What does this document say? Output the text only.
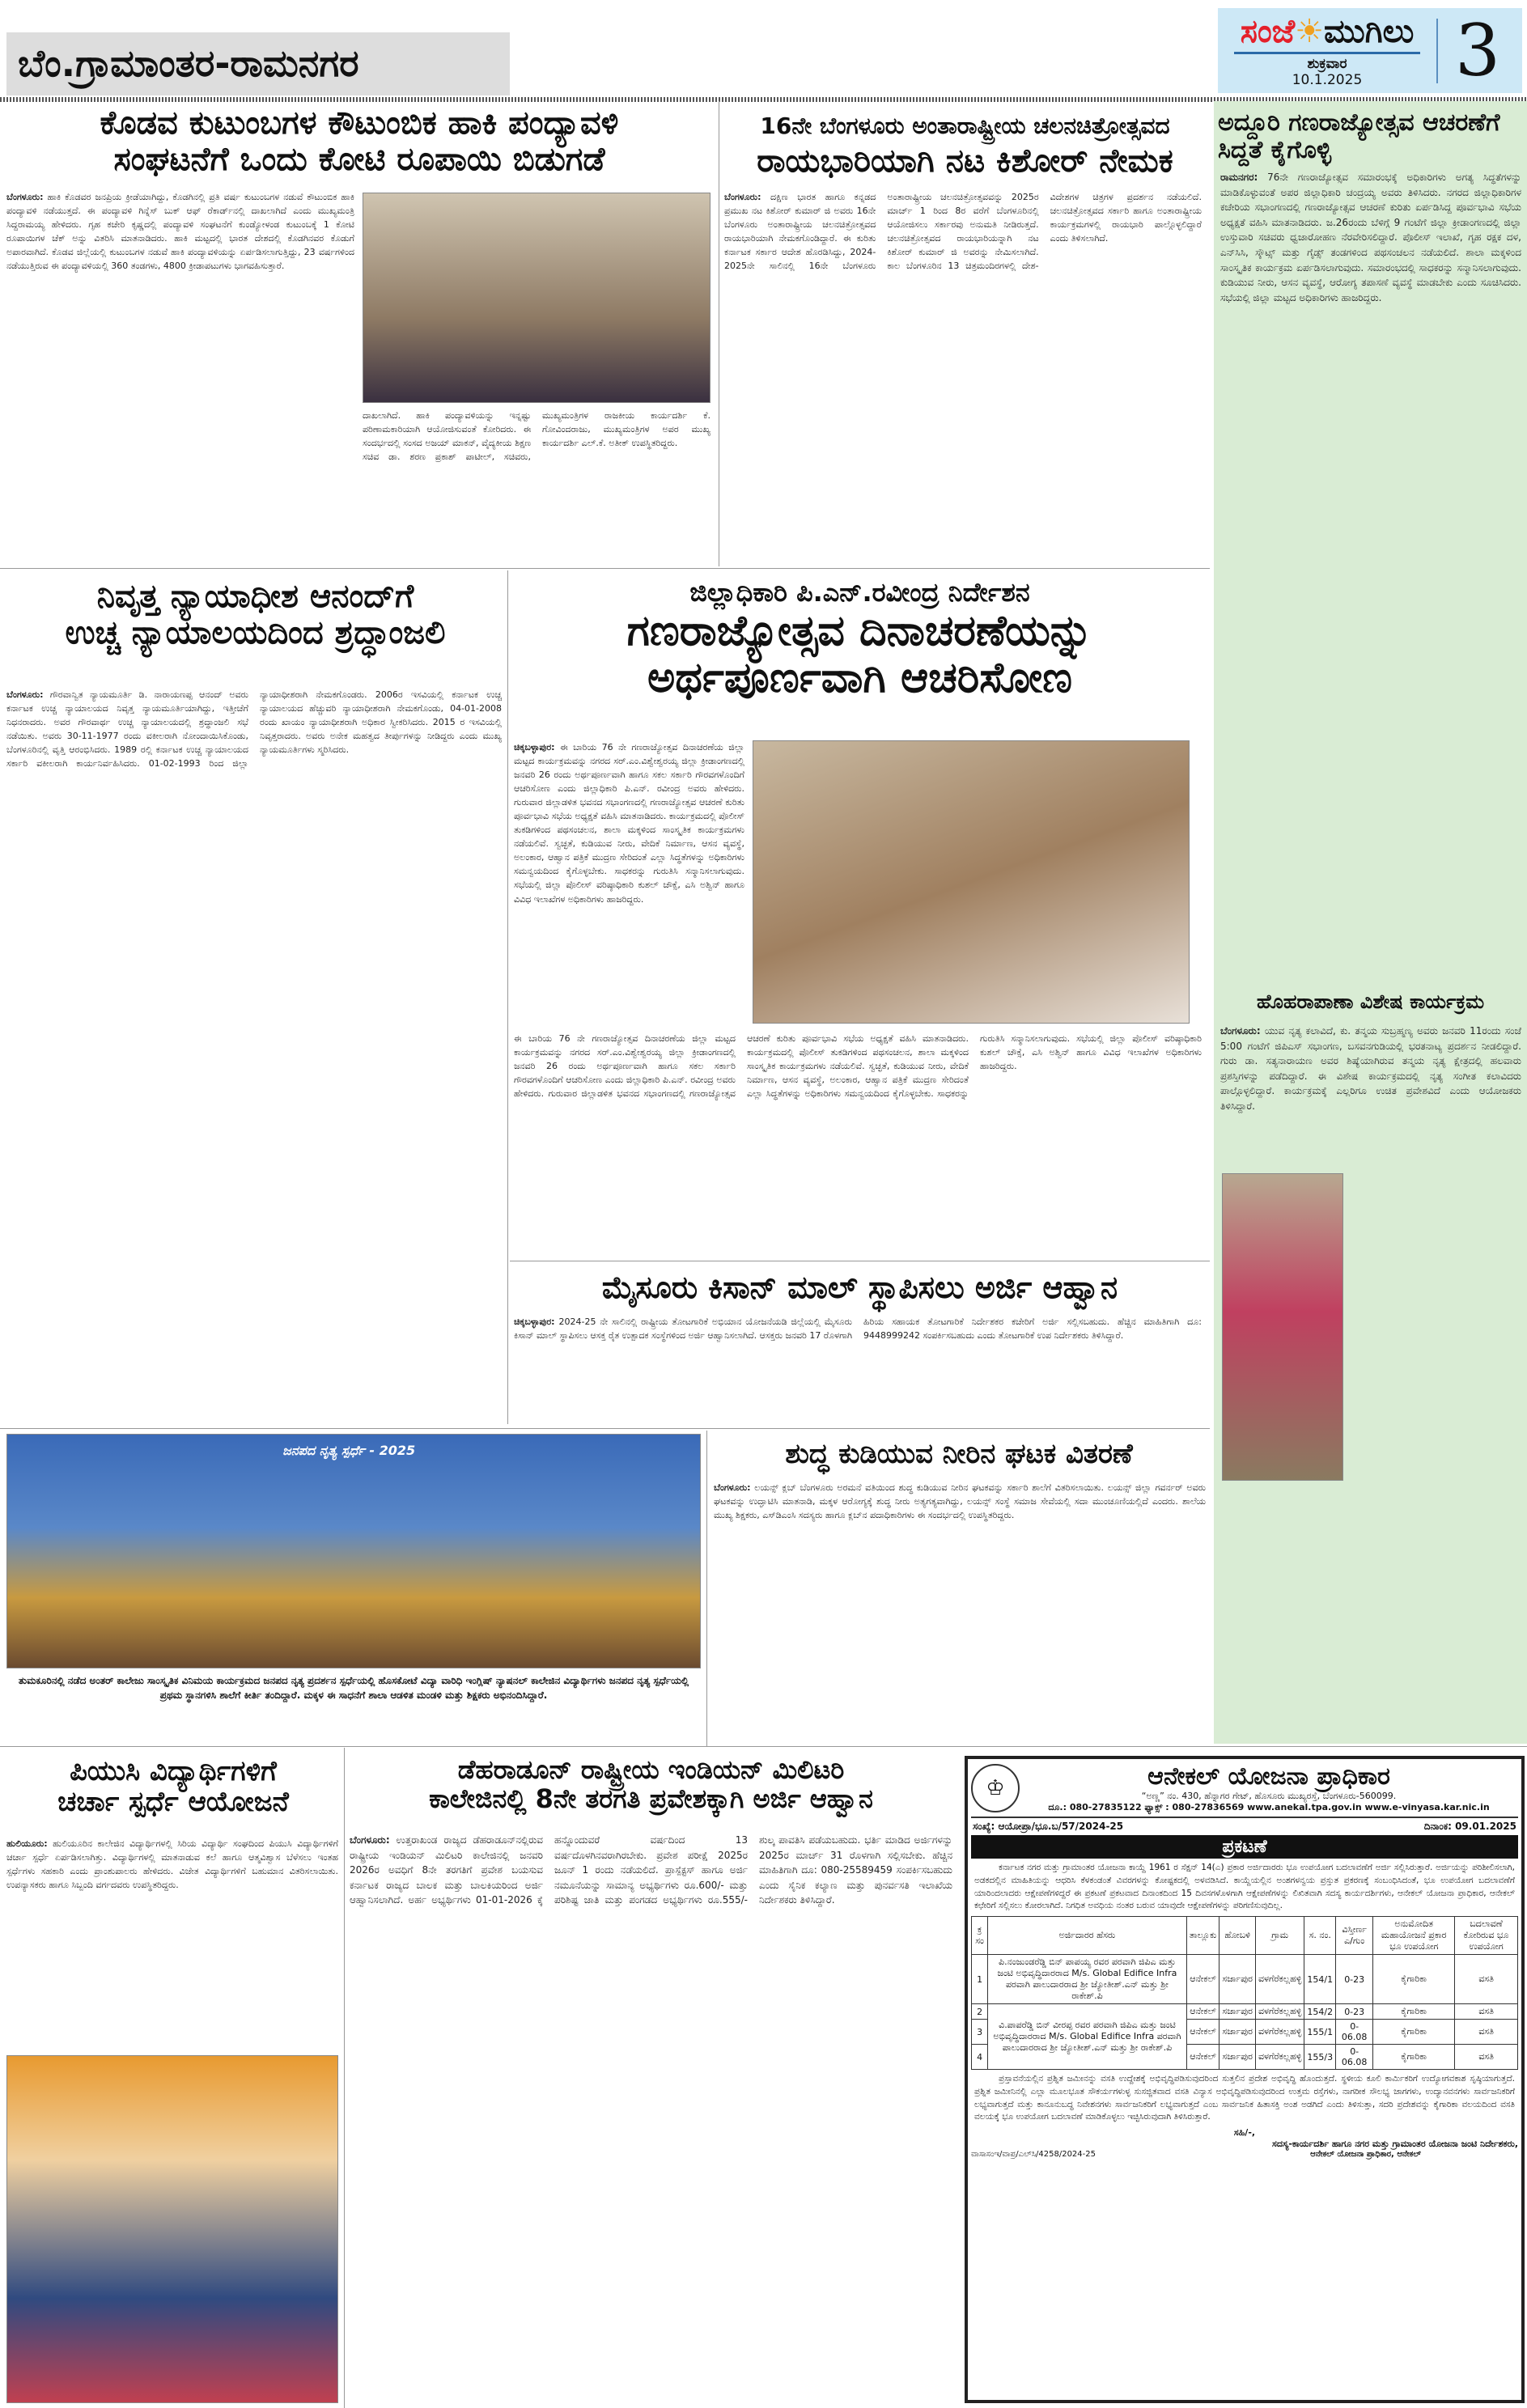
ಬೆಂ.ಗ್ರಾಮಾಂತರ-ರಾಮನಗರ
ಸಂಜೆ☀ಮುಗಿಲು
ಶುಕ್ರವಾರ
10.1.2025	3
ಕೊಡವ ಕುಟುಂಬಗಳ ಕೌಟುಂಬಿಕ ಹಾಕಿ ಪಂದ್ಯಾವಳಿ
ಸಂಘಟನೆಗೆ ಒಂದು ಕೋಟಿ ರೂಪಾಯಿ ಬಿಡುಗಡೆ
ಬೆಂಗಳೂರು: ಹಾಕಿ ಕೊಡವರ ಜನಪ್ರಿಯ ಕ್ರೀಡೆಯಾಗಿದ್ದು, ಕೊಡಗಿನಲ್ಲಿ ಪ್ರತಿ ವರ್ಷ ಕುಟುಂಬಗಳ ನಡುವೆ ಕೌಟುಂಬಿಕ ಹಾಕಿ ಪಂದ್ಯಾವಳಿ ನಡೆಯುತ್ತದೆ. ಈ ಪಂದ್ಯಾವಳಿ ಗಿನ್ನೆಸ್ ಬುಕ್ ಆಫ್ ರೆಕಾರ್ಡ್‌ನಲ್ಲಿ ದಾಖಲಾಗಿದೆ ಎಂದು ಮುಖ್ಯಮಂತ್ರಿ ಸಿದ್ದರಾಮಯ್ಯ ಹೇಳಿದರು. ಗೃಹ ಕಚೇರಿ ಕೃಷ್ಣದಲ್ಲಿ ಪಂದ್ಯಾವಳಿ ಸಂಘಟನೆಗೆ ಕುಂಡ್ಯೋಳಂಡ ಕುಟುಂಬಕ್ಕೆ 1 ಕೋಟಿ ರೂಪಾಯಿಗಳ ಚೆಕ್ ಅನ್ನು ವಿತರಿಸಿ ಮಾತನಾಡಿದರು. ಹಾಕಿ ಮಟ್ಟದಲ್ಲಿ ಭಾರತ ದೇಶದಲ್ಲಿ ಕೊಡಗಿನವರ ಕೊಡುಗೆ ಅಪಾರವಾಗಿದೆ. ಕೊಡವ ಜಿಲ್ಲೆಯಲ್ಲಿ ಕುಟುಂಬಗಳ ನಡುವೆ ಹಾಕಿ ಪಂದ್ಯಾವಳಿಯನ್ನು ಏರ್ಪಡಿಸಲಾಗುತ್ತಿದ್ದು, 23 ವರ್ಷಗಳಿಂದ ನಡೆಯುತ್ತಿರುವ ಈ ಪಂದ್ಯಾವಳಿಯಲ್ಲಿ 360 ತಂಡಗಳು, 4800 ಕ್ರೀಡಾಪಟುಗಳು ಭಾಗವಹಿಸುತ್ತಾರೆ.
ದಾಖಲಾಗಿದೆ. ಹಾಕಿ ಪಂದ್ಯಾವಳಿಯನ್ನು ಇನ್ನಷ್ಟು ಪರಿಣಾಮಕಾರಿಯಾಗಿ ಆಯೋಜಿಸುವಂತೆ ಕೋರಿದರು. ಈ ಸಂದರ್ಭದಲ್ಲಿ ಸಂಸದ ಅಜಯ್ ಮಾಕನ್, ವೈದ್ಯಕೀಯ ಶಿಕ್ಷಣ ಸಚಿವ ಡಾ. ಶರಣ ಪ್ರಕಾಶ್ ಪಾಟೀಲ್, ಸಚಿವರು, ಮುಖ್ಯಮಂತ್ರಿಗಳ ರಾಜಕೀಯ ಕಾರ್ಯದರ್ಶಿ ಕೆ. ಗೋವಿಂದರಾಜು, ಮುಖ್ಯಮಂತ್ರಿಗಳ ಅಪರ ಮುಖ್ಯ ಕಾರ್ಯದರ್ಶಿ ಎಲ್.ಕೆ. ಅತೀಕ್ ಉಪಸ್ಥಿತರಿದ್ದರು.
16ನೇ ಬೆಂಗಳೂರು ಅಂತಾರಾಷ್ಟ್ರೀಯ ಚಲನಚಿತ್ರೋತ್ಸವದ
ರಾಯಭಾರಿಯಾಗಿ ನಟ ಕಿಶೋರ್ ನೇಮಕ
ಬೆಂಗಳೂರು: ದಕ್ಷಿಣ ಭಾರತ ಹಾಗೂ ಕನ್ನಡದ ಪ್ರಮುಖ ನಟ ಕಿಶೋರ್ ಕುಮಾರ್ ಜಿ ಅವರು 16ನೇ ಬೆಂಗಳೂರು ಅಂತಾರಾಷ್ಟ್ರೀಯ ಚಲನಚಿತ್ರೋತ್ಸವದ ರಾಯಭಾರಿಯಾಗಿ ನೇಮಕಗೊಂಡಿದ್ದಾರೆ. ಈ ಕುರಿತು ಕರ್ನಾಟಕ ಸರ್ಕಾರ ಆದೇಶ ಹೊರಡಿಸಿದ್ದು, 2024-2025ನೇ ಸಾಲಿನಲ್ಲಿ 16ನೇ ಬೆಂಗಳೂರು ಅಂತಾರಾಷ್ಟ್ರೀಯ ಚಲನಚಿತ್ರೋತ್ಸವವನ್ನು 2025ರ ಮಾರ್ಚ್ 1 ರಿಂದ 8ರ ವರೆಗೆ ಬೆಂಗಳೂರಿನಲ್ಲಿ ಆಯೋಜಿಸಲು ಸರ್ಕಾರವು ಅನುಮತಿ ನೀಡಿರುತ್ತದೆ. ಚಲನಚಿತ್ರೋತ್ಸವದ ರಾಯಭಾರಿಯನ್ನಾಗಿ ನಟ ಕಿಶೋರ್ ಕುಮಾರ್ ಜಿ ಅವರನ್ನು ನೇಮಿಸಲಾಗಿದೆ. ಕಾಲ ಬೆಂಗಳೂರಿನ 13 ಚಿತ್ರಮಂದಿರಗಳಲ್ಲಿ ದೇಶ-ವಿದೇಶಗಳ ಚಿತ್ರಗಳ ಪ್ರದರ್ಶನ ನಡೆಯಲಿದೆ. ಚಲನಚಿತ್ರೋತ್ಸವದ ಸರ್ಕಾರಿ ಹಾಗೂ ಅಂತಾರಾಷ್ಟ್ರೀಯ ಕಾರ್ಯಕ್ರಮಗಳಲ್ಲಿ ರಾಯಭಾರಿ ಪಾಲ್ಗೊಳ್ಳಲಿದ್ದಾರೆ ಎಂದು ತಿಳಿಸಲಾಗಿದೆ.
ಅದ್ದೂರಿ ಗಣರಾಜ್ಯೋತ್ಸವ ಆಚರಣೆಗೆ ಸಿದ್ದತೆ ಕೈಗೊಳ್ಳಿ
ರಾಮನಗರ: 76ನೇ ಗಣರಾಜ್ಯೋತ್ಸವ ಸಮಾರಂಭಕ್ಕೆ ಅಧಿಕಾರಿಗಳು ಅಗತ್ಯ ಸಿದ್ಧತೆಗಳನ್ನು ಮಾಡಿಕೊಳ್ಳುವಂತೆ ಅಪರ ಜಿಲ್ಲಾಧಿಕಾರಿ ಚಂದ್ರಯ್ಯ ಅವರು ತಿಳಿಸಿದರು. ನಗರದ ಜಿಲ್ಲಾಧಿಕಾರಿಗಳ ಕಚೇರಿಯ ಸಭಾಂಗಣದಲ್ಲಿ ಗಣರಾಜ್ಯೋತ್ಸವ ಆಚರಣೆ ಕುರಿತು ಏರ್ಪಡಿಸಿದ್ದ ಪೂರ್ವಭಾವಿ ಸಭೆಯ ಅಧ್ಯಕ್ಷತೆ ವಹಿಸಿ ಮಾತನಾಡಿದರು. ಜ.26ರಂದು ಬೆಳಿಗ್ಗೆ 9 ಗಂಟೆಗೆ ಜಿಲ್ಲಾ ಕ್ರೀಡಾಂಗಣದಲ್ಲಿ ಜಿಲ್ಲಾ ಉಸ್ತುವಾರಿ ಸಚಿವರು ಧ್ವಜಾರೋಹಣ ನೆರವೇರಿಸಲಿದ್ದಾರೆ. ಪೊಲೀಸ್ ಇಲಾಖೆ, ಗೃಹ ರಕ್ಷಕ ದಳ, ಎನ್‌ಸಿಸಿ, ಸ್ಕೌಟ್ಸ್ ಮತ್ತು ಗೈಡ್ಸ್ ತಂಡಗಳಿಂದ ಪಥಸಂಚಲನ ನಡೆಯಲಿದೆ. ಶಾಲಾ ಮಕ್ಕಳಿಂದ ಸಾಂಸ್ಕೃತಿಕ ಕಾರ್ಯಕ್ರಮ ಏರ್ಪಡಿಸಲಾಗುವುದು. ಸಮಾರಂಭದಲ್ಲಿ ಸಾಧಕರನ್ನು ಸನ್ಮಾನಿಸಲಾಗುವುದು. ಕುಡಿಯುವ ನೀರು, ಆಸನ ವ್ಯವಸ್ಥೆ, ಆರೋಗ್ಯ ತಪಾಸಣೆ ವ್ಯವಸ್ಥೆ ಮಾಡಬೇಕು ಎಂದು ಸೂಚಿಸಿದರು. ಸಭೆಯಲ್ಲಿ ಜಿಲ್ಲಾ ಮಟ್ಟದ ಅಧಿಕಾರಿಗಳು ಹಾಜರಿದ್ದರು.
ಹೊಹರಾಪಾಣಾ ವಿಶೇಷ ಕಾರ್ಯಕ್ರಮ
ಬೆಂಗಳೂರು: ಯುವ ನೃತ್ಯ ಕಲಾವಿದೆ, ಕು. ತನ್ಮಯ ಸುಬ್ರಹ್ಮಣ್ಯ ಅವರು ಜನವರಿ 11ರಂದು ಸಂಜೆ 5:00 ಗಂಟೆಗೆ ಜಿಪಿಎಸ್ ಸಭಾಂಗಣ, ಬಸವನಗುಡಿಯಲ್ಲಿ ಭರತನಾಟ್ಯ ಪ್ರದರ್ಶನ ನೀಡಲಿದ್ದಾರೆ. ಗುರು ಡಾ. ಸತ್ಯನಾರಾಯಣ ಅವರ ಶಿಷ್ಯೆಯಾಗಿರುವ ತನ್ಮಯ ನೃತ್ಯ ಕ್ಷೇತ್ರದಲ್ಲಿ ಹಲವಾರು ಪ್ರಶಸ್ತಿಗಳನ್ನು ಪಡೆದಿದ್ದಾರೆ. ಈ ವಿಶೇಷ ಕಾರ್ಯಕ್ರಮದಲ್ಲಿ ನೃತ್ಯ ಸಂಗೀತ ಕಲಾವಿದರು ಪಾಲ್ಗೊಳ್ಳಲಿದ್ದಾರೆ. ಕಾರ್ಯಕ್ರಮಕ್ಕೆ ಎಲ್ಲರಿಗೂ ಉಚಿತ ಪ್ರವೇಶವಿದೆ ಎಂದು ಆಯೋಜಕರು ತಿಳಿಸಿದ್ದಾರೆ.
ನಿವೃತ್ತ ನ್ಯಾಯಾಧೀಶ ಆನಂದ್‌ಗೆ
ಉಚ್ಚ ನ್ಯಾಯಾಲಯದಿಂದ ಶ್ರದ್ಧಾಂಜಲಿ
ಬೆಂಗಳೂರು: ಗೌರವಾನ್ವಿತ ನ್ಯಾಯಮೂರ್ತಿ ಡಿ. ನಾರಾಯಣಪ್ಪ ಆನಂದ್ ಅವರು ಕರ್ನಾಟಕ ಉಚ್ಚ ನ್ಯಾಯಾಲಯದ ನಿವೃತ್ತ ನ್ಯಾಯಮೂರ್ತಿಯಾಗಿದ್ದು, ಇತ್ತೀಚೆಗೆ ನಿಧನರಾದರು. ಅವರ ಗೌರವಾರ್ಥ ಉಚ್ಚ ನ್ಯಾಯಾಲಯದಲ್ಲಿ ಶ್ರದ್ಧಾಂಜಲಿ ಸಭೆ ನಡೆಯಿತು. ಅವರು 30-11-1977 ರಂದು ವಕೀಲರಾಗಿ ನೋಂದಾಯಿಸಿಕೊಂಡು, ಬೆಂಗಳೂರಿನಲ್ಲಿ ವೃತ್ತಿ ಆರಂಭಿಸಿದರು. 1989 ರಲ್ಲಿ ಕರ್ನಾಟಕ ಉಚ್ಚ ನ್ಯಾಯಾಲಯದ ಸರ್ಕಾರಿ ವಕೀಲರಾಗಿ ಕಾರ್ಯನಿರ್ವಹಿಸಿದರು. 01-02-1993 ರಿಂದ ಜಿಲ್ಲಾ ನ್ಯಾಯಾಧೀಶರಾಗಿ ನೇಮಕಗೊಂಡರು. 2006ರ ಇಸವಿಯಲ್ಲಿ ಕರ್ನಾಟಕ ಉಚ್ಚ ನ್ಯಾಯಾಲಯದ ಹೆಚ್ಚುವರಿ ನ್ಯಾಯಾಧೀಶರಾಗಿ ನೇಮಕಗೊಂಡು, 04-01-2008 ರಂದು ಖಾಯಂ ನ್ಯಾಯಾಧೀಶರಾಗಿ ಅಧಿಕಾರ ಸ್ವೀಕರಿಸಿದರು. 2015 ರ ಇಸವಿಯಲ್ಲಿ ನಿವೃತ್ತರಾದರು. ಅವರು ಅನೇಕ ಮಹತ್ವದ ತೀರ್ಪುಗಳನ್ನು ನೀಡಿದ್ದರು ಎಂದು ಮುಖ್ಯ ನ್ಯಾಯಮೂರ್ತಿಗಳು ಸ್ಮರಿಸಿದರು.
ಜಿಲ್ಲಾಧಿಕಾರಿ ಪಿ.ಎನ್.ರವೀಂದ್ರ ನಿರ್ದೇಶನ
ಗಣರಾಜ್ಯೋತ್ಸವ ದಿನಾಚರಣೆಯನ್ನು
ಅರ್ಥಪೂರ್ಣವಾಗಿ ಆಚರಿಸೋಣ
ಚಿಕ್ಕಬಳ್ಳಾಪುರ: ಈ ಬಾರಿಯ 76 ನೇ ಗಣರಾಜ್ಯೋತ್ಸವ ದಿನಾಚರಣೆಯ ಜಿಲ್ಲಾ ಮಟ್ಟದ ಕಾರ್ಯಕ್ರಮವನ್ನು ನಗರದ ಸರ್.ಎಂ.ವಿಶ್ವೇಶ್ವರಯ್ಯ ಜಿಲ್ಲಾ ಕ್ರೀಡಾಂಗಣದಲ್ಲಿ ಜನವರಿ 26 ರಂದು ಅರ್ಥಪೂರ್ಣವಾಗಿ ಹಾಗೂ ಸಕಲ ಸರ್ಕಾರಿ ಗೌರವಗಳೊಂದಿಗೆ ಆಚರಿಸೋಣ ಎಂದು ಜಿಲ್ಲಾಧಿಕಾರಿ ಪಿ.ಎನ್. ರವೀಂದ್ರ ಅವರು ಹೇಳಿದರು. ಗುರುವಾರ ಜಿಲ್ಲಾಡಳಿತ ಭವನದ ಸಭಾಂಗಣದಲ್ಲಿ ಗಣರಾಜ್ಯೋತ್ಸವ ಆಚರಣೆ ಕುರಿತು ಪೂರ್ವಭಾವಿ ಸಭೆಯ ಅಧ್ಯಕ್ಷತೆ ವಹಿಸಿ ಮಾತನಾಡಿದರು. ಕಾರ್ಯಕ್ರಮದಲ್ಲಿ ಪೊಲೀಸ್ ತುಕಡಿಗಳಿಂದ ಪಥಸಂಚಲನ, ಶಾಲಾ ಮಕ್ಕಳಿಂದ ಸಾಂಸ್ಕೃತಿಕ ಕಾರ್ಯಕ್ರಮಗಳು ನಡೆಯಲಿವೆ. ಸ್ವಚ್ಛತೆ, ಕುಡಿಯುವ ನೀರು, ವೇದಿಕೆ ನಿರ್ಮಾಣ, ಆಸನ ವ್ಯವಸ್ಥೆ, ಅಲಂಕಾರ, ಆಹ್ವಾನ ಪತ್ರಿಕೆ ಮುದ್ರಣ ಸೇರಿದಂತೆ ಎಲ್ಲಾ ಸಿದ್ಧತೆಗಳನ್ನು ಅಧಿಕಾರಿಗಳು ಸಮನ್ವಯದಿಂದ ಕೈಗೊಳ್ಳಬೇಕು. ಸಾಧಕರನ್ನು ಗುರುತಿಸಿ ಸನ್ಮಾನಿಸಲಾಗುವುದು. ಸಭೆಯಲ್ಲಿ ಜಿಲ್ಲಾ ಪೊಲೀಸ್ ವರಿಷ್ಠಾಧಿಕಾರಿ ಕುಶಲ್ ಚೌಕ್ಸೆ, ಎಸಿ ಅಶ್ವಿನ್ ಹಾಗೂ ವಿವಿಧ ಇಲಾಖೆಗಳ ಅಧಿಕಾರಿಗಳು ಹಾಜರಿದ್ದರು.
ಈ ಬಾರಿಯ 76 ನೇ ಗಣರಾಜ್ಯೋತ್ಸವ ದಿನಾಚರಣೆಯ ಜಿಲ್ಲಾ ಮಟ್ಟದ ಕಾರ್ಯಕ್ರಮವನ್ನು ನಗರದ ಸರ್.ಎಂ.ವಿಶ್ವೇಶ್ವರಯ್ಯ ಜಿಲ್ಲಾ ಕ್ರೀಡಾಂಗಣದಲ್ಲಿ ಜನವರಿ 26 ರಂದು ಅರ್ಥಪೂರ್ಣವಾಗಿ ಹಾಗೂ ಸಕಲ ಸರ್ಕಾರಿ ಗೌರವಗಳೊಂದಿಗೆ ಆಚರಿಸೋಣ ಎಂದು ಜಿಲ್ಲಾಧಿಕಾರಿ ಪಿ.ಎನ್. ರವೀಂದ್ರ ಅವರು ಹೇಳಿದರು. ಗುರುವಾರ ಜಿಲ್ಲಾಡಳಿತ ಭವನದ ಸಭಾಂಗಣದಲ್ಲಿ ಗಣರಾಜ್ಯೋತ್ಸವ ಆಚರಣೆ ಕುರಿತು ಪೂರ್ವಭಾವಿ ಸಭೆಯ ಅಧ್ಯಕ್ಷತೆ ವಹಿಸಿ ಮಾತನಾಡಿದರು. ಕಾರ್ಯಕ್ರಮದಲ್ಲಿ ಪೊಲೀಸ್ ತುಕಡಿಗಳಿಂದ ಪಥಸಂಚಲನ, ಶಾಲಾ ಮಕ್ಕಳಿಂದ ಸಾಂಸ್ಕೃತಿಕ ಕಾರ್ಯಕ್ರಮಗಳು ನಡೆಯಲಿವೆ. ಸ್ವಚ್ಛತೆ, ಕುಡಿಯುವ ನೀರು, ವೇದಿಕೆ ನಿರ್ಮಾಣ, ಆಸನ ವ್ಯವಸ್ಥೆ, ಅಲಂಕಾರ, ಆಹ್ವಾನ ಪತ್ರಿಕೆ ಮುದ್ರಣ ಸೇರಿದಂತೆ ಎಲ್ಲಾ ಸಿದ್ಧತೆಗಳನ್ನು ಅಧಿಕಾರಿಗಳು ಸಮನ್ವಯದಿಂದ ಕೈಗೊಳ್ಳಬೇಕು. ಸಾಧಕರನ್ನು ಗುರುತಿಸಿ ಸನ್ಮಾನಿಸಲಾಗುವುದು. ಸಭೆಯಲ್ಲಿ ಜಿಲ್ಲಾ ಪೊಲೀಸ್ ವರಿಷ್ಠಾಧಿಕಾರಿ ಕುಶಲ್ ಚೌಕ್ಸೆ, ಎಸಿ ಅಶ್ವಿನ್ ಹಾಗೂ ವಿವಿಧ ಇಲಾಖೆಗಳ ಅಧಿಕಾರಿಗಳು ಹಾಜರಿದ್ದರು.
ಮೈಸೂರು ಕಿಸಾನ್ ಮಾಲ್ ಸ್ಥಾಪಿಸಲು ಅರ್ಜಿ ಆಹ್ವಾನ
ಚಿಕ್ಕಬಳ್ಳಾಪುರ: 2024-25 ನೇ ಸಾಲಿನಲ್ಲಿ ರಾಷ್ಟ್ರೀಯ ತೋಟಗಾರಿಕೆ ಅಭಿಯಾನ ಯೋಜನೆಯಡಿ ಜಿಲ್ಲೆಯಲ್ಲಿ ಮೈಸೂರು ಕಿಸಾನ್ ಮಾಲ್ ಸ್ಥಾಪಿಸಲು ಆಸಕ್ತ ರೈತ ಉತ್ಪಾದಕ ಸಂಸ್ಥೆಗಳಿಂದ ಅರ್ಜಿ ಆಹ್ವಾನಿಸಲಾಗಿದೆ. ಆಸಕ್ತರು ಜನವರಿ 17 ರೊಳಗಾಗಿ ಹಿರಿಯ ಸಹಾಯಕ ತೋಟಗಾರಿಕೆ ನಿರ್ದೇಶಕರ ಕಚೇರಿಗೆ ಅರ್ಜಿ ಸಲ್ಲಿಸಬಹುದು. ಹೆಚ್ಚಿನ ಮಾಹಿತಿಗಾಗಿ ದೂ: 9448999242 ಸಂಪರ್ಕಿಸಬಹುದು ಎಂದು ತೋಟಗಾರಿಕೆ ಉಪ ನಿರ್ದೇಶಕರು ತಿಳಿಸಿದ್ದಾರೆ.
ಜನಪದ ನೃತ್ಯ ಸ್ಪರ್ಧೆ - 2025
ತುಮಕೂರಿನಲ್ಲಿ ನಡೆದ ಅಂತರ್ ಕಾಲೇಜು ಸಾಂಸ್ಕೃತಿಕ ವಿನಿಮಯ ಕಾರ್ಯಕ್ರಮದ ಜನಪದ ನೃತ್ಯ ಪ್ರದರ್ಶನ ಸ್ಪರ್ಧೆಯಲ್ಲಿ ಹೊಸಕೋಟೆ ವಿದ್ಯಾ ವಾರಿಧಿ ಇಂಗ್ಲಿಷ್ ನ್ಯಾಷನಲ್ ಕಾಲೇಜಿನ ವಿದ್ಯಾರ್ಥಿಗಳು ಜನಪದ ನೃತ್ಯ ಸ್ಪರ್ಧೆಯಲ್ಲಿ ಪ್ರಥಮ ಸ್ಥಾನಗಳಿಸಿ ಶಾಲೆಗೆ ಕೀರ್ತಿ ತಂದಿದ್ದಾರೆ. ಮಕ್ಕಳ ಈ ಸಾಧನೆಗೆ ಶಾಲಾ ಆಡಳಿತ ಮಂಡಳಿ ಮತ್ತು ಶಿಕ್ಷಕರು ಅಭಿನಂದಿಸಿದ್ದಾರೆ.
ಶುದ್ಧ ಕುಡಿಯುವ ನೀರಿನ ಘಟಕ ವಿತರಣೆ
ಬೆಂಗಳೂರು: ಲಯನ್ಸ್ ಕ್ಲಬ್ ಬೆಂಗಳೂರು ಅರಮನೆ ವತಿಯಿಂದ ಶುದ್ಧ ಕುಡಿಯುವ ನೀರಿನ ಘಟಕವನ್ನು ಸರ್ಕಾರಿ ಶಾಲೆಗೆ ವಿತರಿಸಲಾಯಿತು. ಲಯನ್ಸ್ ಜಿಲ್ಲಾ ಗವರ್ನರ್ ಅವರು ಘಟಕವನ್ನು ಉದ್ಘಾಟಿಸಿ ಮಾತನಾಡಿ, ಮಕ್ಕಳ ಆರೋಗ್ಯಕ್ಕೆ ಶುದ್ಧ ನೀರು ಅತ್ಯಗತ್ಯವಾಗಿದ್ದು, ಲಯನ್ಸ್ ಸಂಸ್ಥೆ ಸಮಾಜ ಸೇವೆಯಲ್ಲಿ ಸದಾ ಮುಂಚೂಣಿಯಲ್ಲಿದೆ ಎಂದರು. ಶಾಲೆಯ ಮುಖ್ಯ ಶಿಕ್ಷಕರು, ಎಸ್‌ಡಿಎಂಸಿ ಸದಸ್ಯರು ಹಾಗೂ ಕ್ಲಬ್‌ನ ಪದಾಧಿಕಾರಿಗಳು ಈ ಸಂದರ್ಭದಲ್ಲಿ ಉಪಸ್ಥಿತರಿದ್ದರು.
ಪಿಯುಸಿ ವಿದ್ಯಾರ್ಥಿಗಳಿಗೆ
ಚರ್ಚಾ ಸ್ಪರ್ಧೆ ಆಯೋಜನೆ
ಹುಲಿಯೂರು: ಹುಲಿಯೂರಿನ ಕಾಲೇಜಿನ ವಿದ್ಯಾರ್ಥಿಗಳಲ್ಲಿ ಸಿರಿಯ ವಿದ್ಯಾರ್ಥಿ ಸಂಘದಿಂದ ಪಿಯುಸಿ ವಿದ್ಯಾರ್ಥಿಗಳಿಗೆ ಚರ್ಚಾ ಸ್ಪರ್ಧೆ ಏರ್ಪಡಿಸಲಾಗಿತ್ತು. ವಿದ್ಯಾರ್ಥಿಗಳಲ್ಲಿ ಮಾತನಾಡುವ ಕಲೆ ಹಾಗೂ ಆತ್ಮವಿಶ್ವಾಸ ಬೆಳೆಸಲು ಇಂತಹ ಸ್ಪರ್ಧೆಗಳು ಸಹಕಾರಿ ಎಂದು ಪ್ರಾಂಶುಪಾಲರು ಹೇಳಿದರು. ವಿಜೇತ ವಿದ್ಯಾರ್ಥಿಗಳಿಗೆ ಬಹುಮಾನ ವಿತರಿಸಲಾಯಿತು. ಉಪನ್ಯಾಸಕರು ಹಾಗೂ ಸಿಬ್ಬಂದಿ ವರ್ಗದವರು ಉಪಸ್ಥಿತರಿದ್ದರು.
ಡೆಹರಾಡೂನ್ ರಾಷ್ಟ್ರೀಯ ಇಂಡಿಯನ್ ಮಿಲಿಟರಿ
ಕಾಲೇಜಿನಲ್ಲಿ 8ನೇ ತರಗತಿ ಪ್ರವೇಶಕ್ಕಾಗಿ ಅರ್ಜಿ ಆಹ್ವಾನ
ಬೆಂಗಳೂರು: ಉತ್ತರಾಖಂಡ ರಾಜ್ಯದ ಡೆಹರಾಡೂನ್‌ನಲ್ಲಿರುವ ರಾಷ್ಟ್ರೀಯ ಇಂಡಿಯನ್ ಮಿಲಿಟರಿ ಕಾಲೇಜಿನಲ್ಲಿ ಜನವರಿ 2026ರ ಅವಧಿಗೆ 8ನೇ ತರಗತಿಗೆ ಪ್ರವೇಶ ಬಯಸುವ ಕರ್ನಾಟಕ ರಾಜ್ಯದ ಬಾಲಕ ಮತ್ತು ಬಾಲಕಿಯರಿಂದ ಅರ್ಜಿ ಆಹ್ವಾನಿಸಲಾಗಿದೆ. ಅರ್ಹ ಅಭ್ಯರ್ಥಿಗಳು 01-01-2026 ಕ್ಕೆ ಹನ್ನೊಂದುವರೆ ವರ್ಷದಿಂದ 13 ವರ್ಷದೊಳಗಿನವರಾಗಿರಬೇಕು. ಪ್ರವೇಶ ಪರೀಕ್ಷೆ 2025ರ ಜೂನ್ 1 ರಂದು ನಡೆಯಲಿದೆ. ಪ್ರಾಸ್ಪೆಕ್ಟಸ್ ಹಾಗೂ ಅರ್ಜಿ ನಮೂನೆಯನ್ನು ಸಾಮಾನ್ಯ ಅಭ್ಯರ್ಥಿಗಳು ರೂ.600/- ಮತ್ತು ಪರಿಶಿಷ್ಟ ಜಾತಿ ಮತ್ತು ಪಂಗಡದ ಅಭ್ಯರ್ಥಿಗಳು ರೂ.555/- ಶುಲ್ಕ ಪಾವತಿಸಿ ಪಡೆಯಬಹುದು. ಭರ್ತಿ ಮಾಡಿದ ಅರ್ಜಿಗಳನ್ನು 2025ರ ಮಾರ್ಚ್ 31 ರೊಳಗಾಗಿ ಸಲ್ಲಿಸಬೇಕು. ಹೆಚ್ಚಿನ ಮಾಹಿತಿಗಾಗಿ ದೂ: 080-25589459 ಸಂಪರ್ಕಿಸಬಹುದು ಎಂದು ಸೈನಿಕ ಕಲ್ಯಾಣ ಮತ್ತು ಪುನರ್ವಸತಿ ಇಲಾಖೆಯ ನಿರ್ದೇಶಕರು ತಿಳಿಸಿದ್ದಾರೆ.
♔	ಆನೇಕಲ್ ಯೋಜನಾ ಪ್ರಾಧಿಕಾರ
“ಅಣ್ಣ” ನಂ. 430, ಹೆನ್ನಾಗರ ಗೇಟ್, ಹೊಸೂರು ಮುಖ್ಯರಸ್ತೆ, ಬೆಂಗಳೂರು-560099.
ದೂ.: 080-27835122 ಫ್ಯಾಕ್ಸ್ : 080-27836569 www.anekal.tpa.gov.in www.e-vinyasa.kar.nic.in
ಸಂಖ್ಯೆ: ಆಯೋಪ್ರಾ/ಭೂ.ಬ/57/2024-25	ದಿನಾಂಕ: 09.01.2025
ಪ್ರಕಟಣೆ
ಕರ್ನಾಟಕ ನಗರ ಮತ್ತು ಗ್ರಾಮಾಂತರ ಯೋಜನಾ ಕಾಯ್ದೆ 1961 ರ ಸೆಕ್ಷನ್ 14(ಎ) ಪ್ರಕಾರ ಅರ್ಜಿದಾರರು ಭೂ ಉಪಯೋಗ ಬದಲಾವಣೆಗೆ ಅರ್ಜಿ ಸಲ್ಲಿಸಿರುತ್ತಾರೆ. ಅರ್ಜಿಯನ್ನು ಪರಿಶೀಲಿಸಲಾಗಿ, ಅಡಕದಲ್ಲಿನ ಮಾಹಿತಿಯನ್ನು ಆಧರಿಸಿ ಕೆಳಕಂಡಂತೆ ವಿವರಗಳನ್ನು ಕೋಷ್ಟಕದಲ್ಲಿ ಅಳವಡಿಸಿದೆ. ಕಾಯ್ದೆಯಲ್ಲಿನ ಅಂಶಗಳನ್ವಯ ಪ್ರಸ್ತುತ ಪ್ರಕರಣಕ್ಕೆ ಸಂಬಂಧಿಸಿದಂತೆ, ಭೂ ಉಪಯೋಗ ಬದಲಾವಣೆಗೆ ಯಾರಿಂದಲಾದರು ಆಕ್ಷೇಪಣೆಗಳಿದ್ದರೆ ಈ ಪ್ರಕಟಣೆ ಪ್ರಕಟವಾದ ದಿನಾಂಕದಿಂದ 15 ದಿವಸಗಳೊಳಗಾಗಿ ಆಕ್ಷೇಪಣೆಗಳನ್ನು ಲಿಖಿತವಾಗಿ ಸದಸ್ಯ ಕಾರ್ಯದರ್ಶಿಗಳು, ಆನೇಕಲ್ ಯೋಜನಾ ಪ್ರಾಧಿಕಾರ, ಆನೇಕಲ್ ಕಛೇರಿಗೆ ಸಲ್ಲಿಸಲು ಕೋರಲಾಗಿದೆ. ನಿಗಧಿತ ಅವಧಿಯ ನಂತರ ಬರುವ ಯಾವುದೇ ಆಕ್ಷೇಪಣೆಗಳನ್ನು ಪರಿಗಣಿಸುವುದಿಲ್ಲ.
ಕ್ರ ಸಂ	ಅರ್ಜಿದಾರರ ಹೆಸರು	ತಾಲ್ಲೂಕು	ಹೋಬಳಿ	ಗ್ರಾಮ	ಸ. ನಂ.	ವಿಸ್ತೀರ್ಣ ಎ/ಗುಂ	ಅನುಮೋದಿತ ಮಹಾಯೋಜನೆ ಪ್ರಕಾರ ಭೂ ಉಪಯೋಗ	ಬದಲಾವಣೆ ಕೋರಿರುವ ಭೂ ಉಪಯೋಗ
1	ಪಿ.ನಂಜುಂಡರೆಡ್ಡಿ ಬಿನ್ ಪಾಪಯ್ಯ ರವರ ಪರವಾಗಿ ಜಿಪಿಎ ಮತ್ತು ಜಂಟಿ ಅಭಿವೃದ್ಧಿದಾರರಾದ M/s. Global Edifice Infra ಪರವಾಗಿ ಪಾಲುದಾರರಾದ ಶ್ರೀ ಜ್ಯೋತೀಶ್.ಎನ್ ಮತ್ತು ಶ್ರೀ ರಾಕೇಶ್.ಪಿ	ಆನೇಕಲ್	ಸರ್ಜಾಪುರ	ವಳಗೆರೆಕಲ್ಲಹಳ್ಳಿ	154/1	0-23	ಕೈಗಾರಿಕಾ	ವಸತಿ
2	ವಿ.ಪಾಪರೆಡ್ಡಿ ಬಿನ್ ವೀರಪ್ಪ ರವರ ಪರವಾಗಿ ಜಿಪಿಎ ಮತ್ತು ಜಂಟಿ ಅಭಿವೃದ್ಧಿದಾರರಾದ M/s. Global Edifice Infra ಪರವಾಗಿ ಪಾಲುದಾರರಾದ ಶ್ರೀ ಜ್ಯೋತೀಶ್.ಎನ್ ಮತ್ತು ಶ್ರೀ ರಾಕೇಶ್.ಪಿ	ಆನೇಕಲ್	ಸರ್ಜಾಪುರ	ವಳಗೆರೆಕಲ್ಲಹಳ್ಳಿ	154/2	0-23	ಕೈಗಾರಿಕಾ	ವಸತಿ
3		ಆನೇಕಲ್	ಸರ್ಜಾಪುರ	ವಳಗೆರೆಕಲ್ಲಹಳ್ಳಿ	155/1	0-06.08	ಕೈಗಾರಿಕಾ	ವಸತಿ
4		ಆನೇಕಲ್	ಸರ್ಜಾಪುರ	ವಳಗೆರೆಕಲ್ಲಹಳ್ಳಿ	155/3	0-06.08	ಕೈಗಾರಿಕಾ	ವಸತಿ
ಪ್ರಸ್ತಾವನೆಯಲ್ಲಿನ ಪ್ರಶ್ನಿತ ಜಮೀನನ್ನು ವಸತಿ ಉದ್ದೇಶಕ್ಕೆ ಅಭಿವೃದ್ಧಿಪಡಿಸುವುದರಿಂದ ಸುತ್ತಲಿನ ಪ್ರದೇಶ ಅಭಿವೃದ್ಧಿ ಹೊಂದುತ್ತದೆ. ಸ್ಥಳೀಯ ಕೂಲಿ ಕಾರ್ಮಿಕರಿಗೆ ಉದ್ಯೋಗವಕಾಶ ಸೃಷ್ಠಿಯಾಗುತ್ತದೆ. ಪ್ರಶ್ನಿತ ಜಮೀನಿನಲ್ಲಿ ಎಲ್ಲಾ ಮೂಲಭೂತ ಸೌಕರ್ಯಗಳುಳ್ಳ ಸುಸಜ್ಜಿತವಾದ ವಸತಿ ವಿನ್ಯಾಸ ಅಭಿವೃದ್ಧಿಪಡಿಸುವುದರಿಂದ ಉತ್ತಮ ರಸ್ತೆಗಳು, ನಾಗರೀಕ ಸೌಲಭ್ಯ ಜಾಗಗಳು, ಉದ್ಯಾನವನಗಳು ಸಾರ್ವಜನಿಕರಿಗೆ ಲಭ್ಯವಾಗುತ್ತದೆ ಮತ್ತು ಕಾನೂನುಬದ್ಧ ನಿವೇಶನಗಳು ಸಾರ್ವಜನಿಕರಿಗೆ ಲಭ್ಯವಾಗುತ್ತದೆ ಎಂಬ ಸಾರ್ವಜನಿಕ ಹಿತಾಸಕ್ತಿ ಅಂಶ ಅಡಗಿದೆ ಎಂದು ತಿಳಿಸುತ್ತಾ, ಸದರಿ ಪ್ರದೇಶವನ್ನು ಕೈಗಾರಿಕಾ ವಲಯದಿಂದ ವಸತಿ ವಲಯಕ್ಕೆ ಭೂ ಉಪಯೋಗ ಬದಲಾವಣೆ ಮಾಡಿಕೊಳ್ಳಲು ಇಚ್ಛಿಸಿರುವುದಾಗಿ ತಿಳಿಸಿರುತ್ತಾರೆ.
ಸಹಿ/-,
ಸದಸ್ಯ-ಕಾರ್ಯದರ್ಶಿ ಹಾಗೂ ನಗರ ಮತ್ತು ಗ್ರಾಮಾಂತರ ಯೋಜನಾ ಜಂಟಿ ನಿರ್ದೇಶಕರು,
ವಾಸಾಸಂಇ/ವಾಪ್ರ/ಎಲ್‌ಸಿ/4258/2024-25	ಆನೇಕಲ್ ಯೋಜನಾ ಪ್ರಾಧಿಕಾರ, ಆನೇಕಲ್
